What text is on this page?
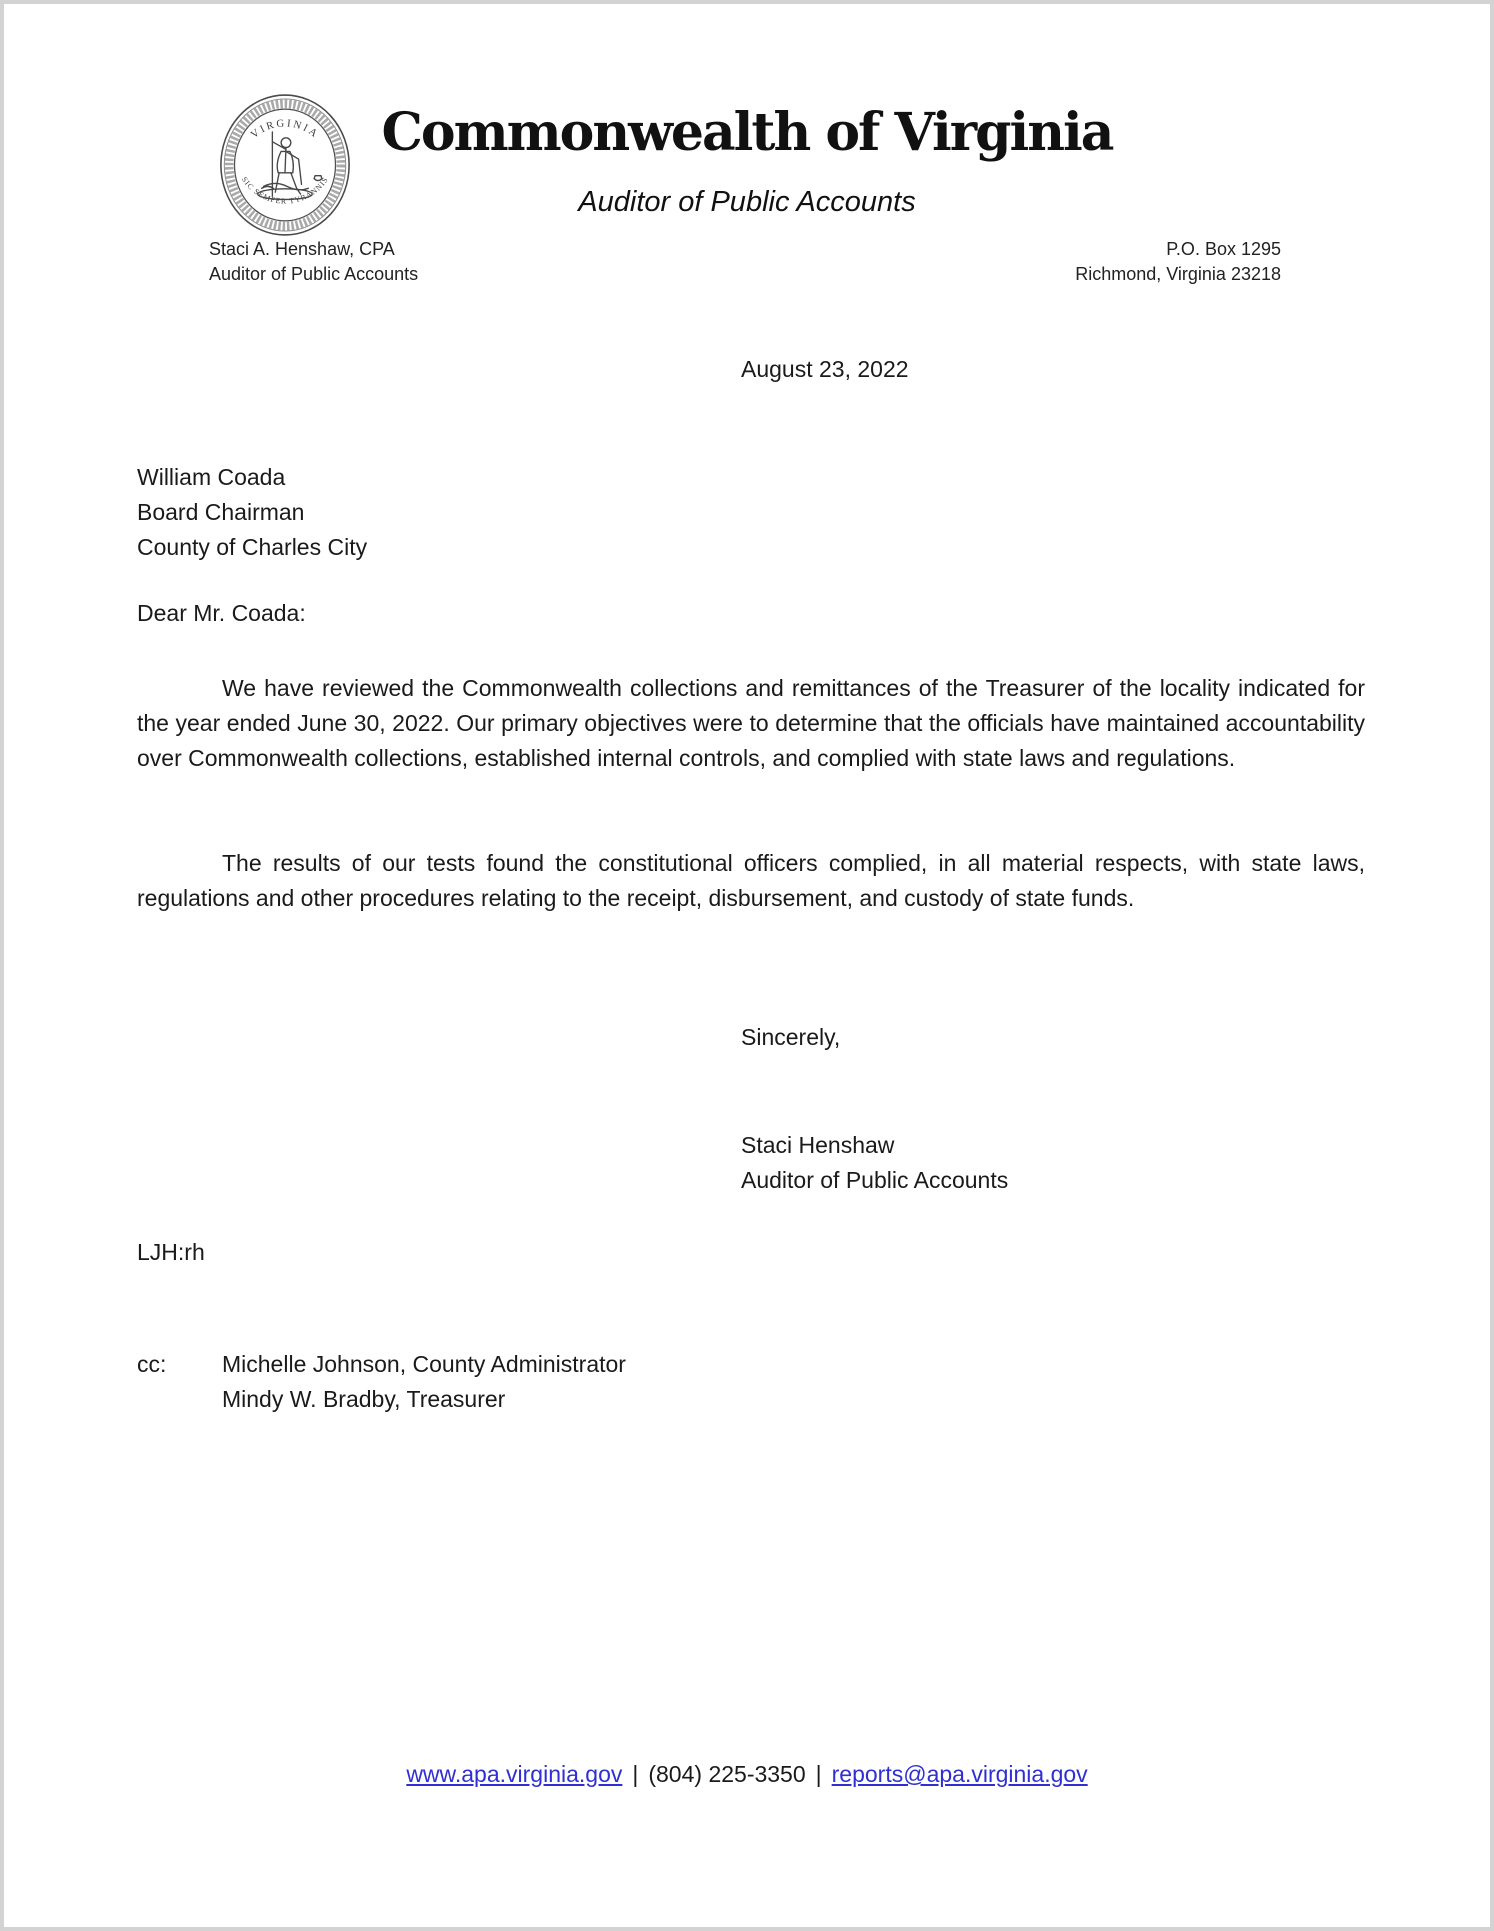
VIRGINIA
SIC SEMPER TYRANNIS
Commonwealth of Virginia
Auditor of Public Accounts
Staci A. Henshaw, CPA
Auditor of Public Accounts
P.O. Box 1295
Richmond, Virginia 23218
August 23, 2022
William Coada
Board Chairman
County of Charles City
Dear Mr. Coada:

We have reviewed the Commonwealth collections and remittances of the Treasurer of the locality indicated for the year ended June 30, 2022. Our primary objectives were to determine that the officials have maintained accountability over Commonwealth collections, established internal controls, and complied with state laws and regulations.

The results of our tests found the constitutional officers complied, in all material respects, with state laws, regulations and other procedures relating to the receipt, disbursement, and custody of state funds.

Sincerely,
Staci Henshaw
Auditor of Public Accounts
LJH:rh
cc:	Michelle Johnson, County Administrator
Mindy W. Bradby, Treasurer
www.apa.virginia.gov | (804) 225-3350 | reports@apa.virginia.gov
